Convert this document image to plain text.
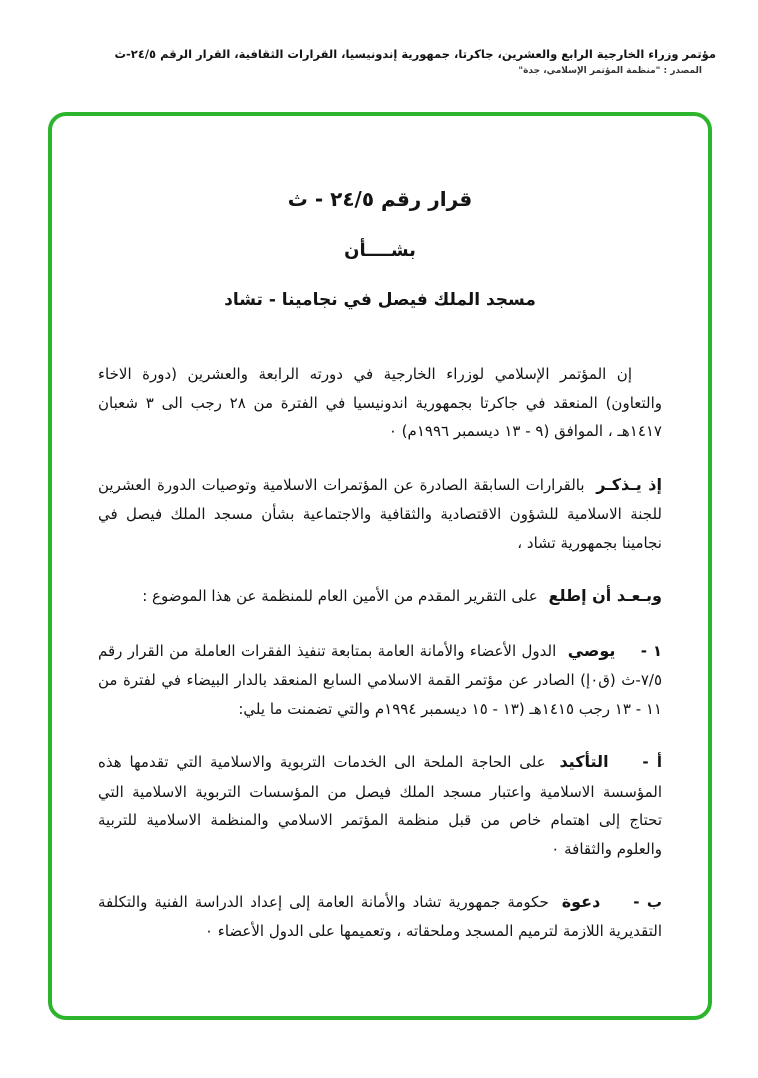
مؤتمر وزراء الخارجية الرابع والعشرين، جاكرتا، جمهورية إندونيسيا، القرارات الثقافية، القرار الرقم ٢٤/٥-ث
المصدر : "منظمة المؤتمر الإسلامي، جدة"
قرار رقم ٢٤/٥ - ث
بشــــأن
مسجد الملك فيصل في نجامينا - تشاد

إن المؤتمر الإسلامي لوزراء الخارجية في دورته الرابعة والعشرين (دورة الاخاء والتعاون) المنعقد في جاكرتا بجمهورية اندونيسيا في الفترة من ٢٨ رجب الى ٣ شعبان ١٤١٧هـ ، الموافق (٩ - ١٣ ديسمبر ١٩٩٦م) ٠

إذ يـذكـر بالقرارات السابقة الصادرة عن المؤتمرات الاسلامية وتوصيات الدورة العشرين للجنة الاسلامية للشؤون الاقتصادية والثقافية والاجتماعية بشأن مسجد الملك فيصل في نجامينا بجمهورية تشاد ،

وبـعـد أن إطلع على التقرير المقدم من الأمين العام للمنظمة عن هذا الموضوع :

١ - يوصي الدول الأعضاء والأمانة العامة بمتابعة تنفيذ الفقرات العاملة من القرار رقم ٧/٥-ث (ق٠إ) الصادر عن مؤتمر القمة الاسلامي السابع المنعقد بالدار البيضاء في لفترة من ١١ - ١٣ رجب ١٤١٥هـ (١٣ - ١٥ ديسمبر ١٩٩٤م والتي تضمنت ما يلي:
أ - التأكيد على الحاجة الملحة الى الخدمات التربوية والاسلامية التي تقدمها هذه المؤسسة الاسلامية واعتبار مسجد الملك فيصل من المؤسسات التربوية الاسلامية التي تحتاج إلى اهتمام خاص من قبل منظمة المؤتمر الاسلامي والمنظمة الاسلامية للتربية والعلوم والثقافة ٠
ب - دعوة حكومة جمهورية تشاد والأمانة العامة إلى إعداد الدراسة الفنية والتكلفة التقديرية اللازمة لترميم المسجد وملحقاته ، وتعميمها على الدول الأعضاء ٠
